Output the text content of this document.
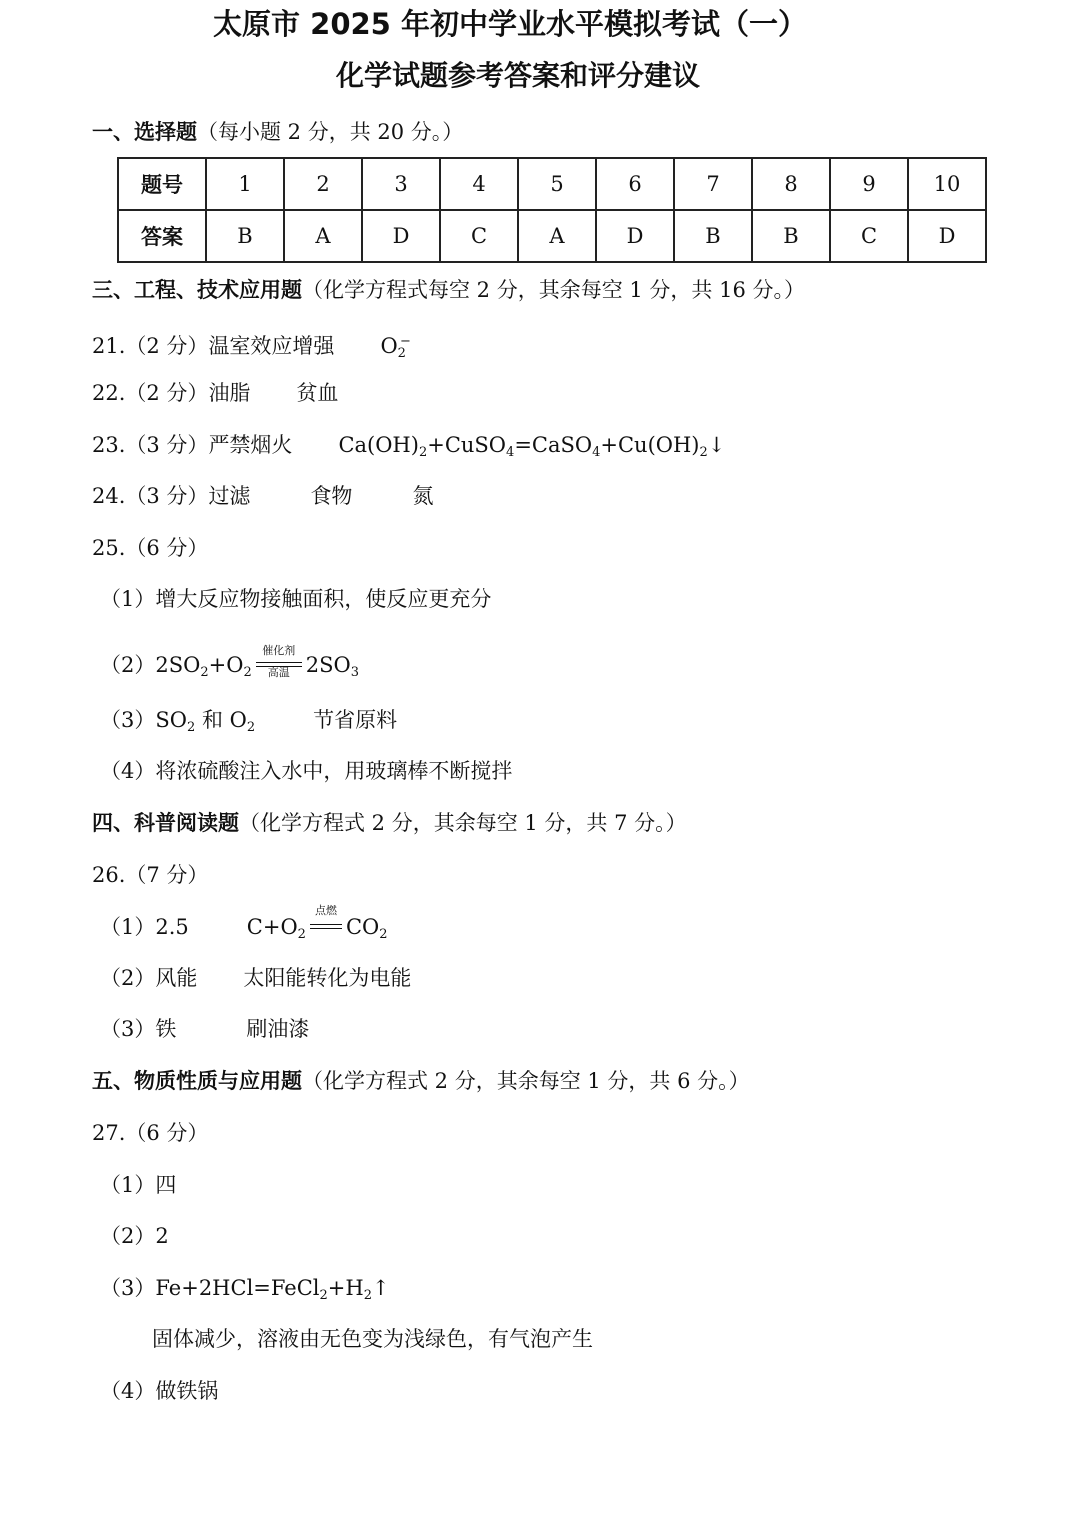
太原市 2025 年初中学业水平模拟考试（一）
化学试题参考答案和评分建议
一、选择题（每小题 2 分，共 20 分。）
题号	1	2	3	4	5	6	7	8	9	10
答案	B	A	D	C	A	D	B	B	C	D
三、工程、技术应用题（化学方程式每空 2 分，其余每空 1 分，共 16 分。）
21.（2 分）温室效应增强 $O_2^-$
22.（2 分）油脂 贫血
23.（3 分）严禁烟火 $Ca(OH)_2+CuSO_4=CaSO_4+Cu(OH)_2↓$
24.（3 分）过滤	食物	氮
25.（6 分）
（1）增大反应物接触面积，使反应更充分
$(2)2SO_2+O_2$
催化剂
高温 $2SO_3$
$(3)SO_2$ 和 $O_2$	节省原料
（4）将浓硫酸注入水中，用玻璃棒不断搅拌
四、科普阅读题（化学方程式 2 分，其余每空 1 分，共 7 分。）
26.（7 分）
（1）2.5	$C+O_2$
点燃
$CO_2$
（2）风能 太阳能转化为电能
（3）铁	刷油漆
五、物质性质与应用题（化学方程式 2 分，其余每空 1 分，共 6 分。）
27.（6 分）
（1）四
（2）2
$(3)Fe+2HCl=FeCl_2+H_2↑$
固体减少，溶液由无色变为浅绿色，有气泡产生
（4）做铁锅
